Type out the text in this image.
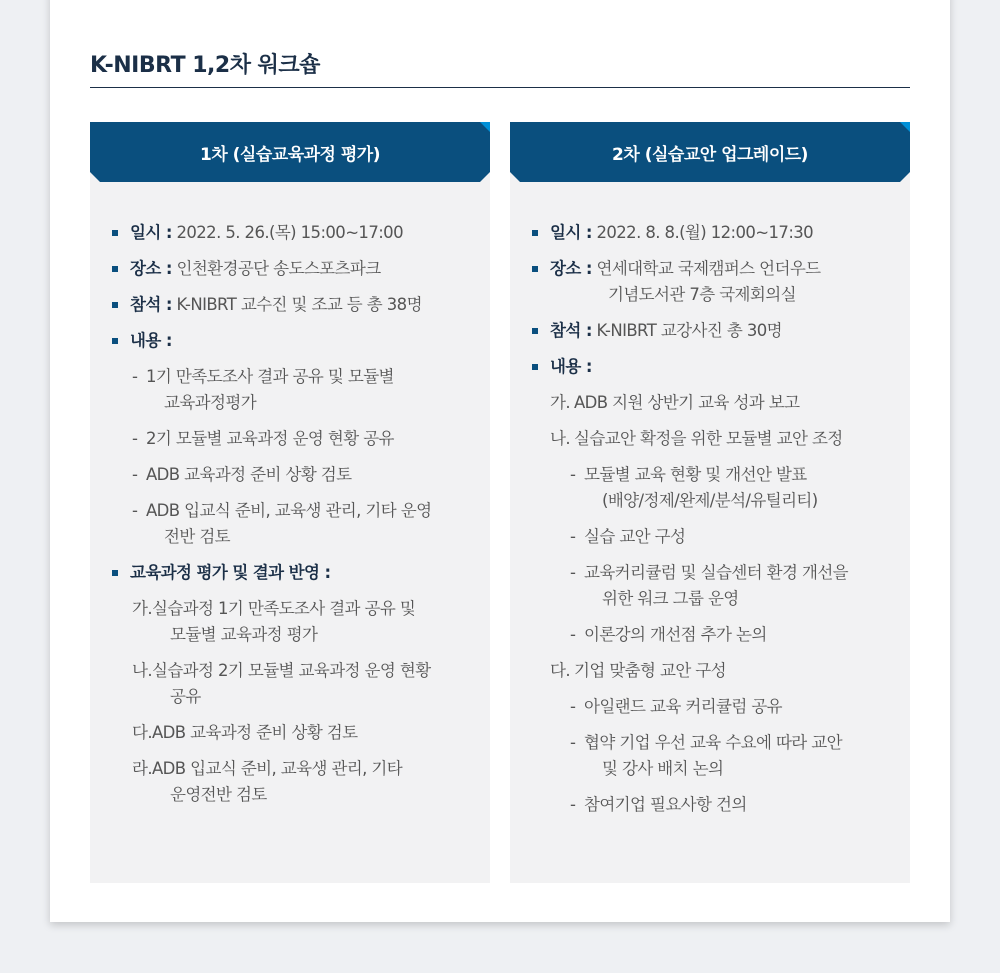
K-NIBRT 1,2차 워크숍
1차 (실습교육과정 평가)
일시 : 2022. 5. 26.(목) 15:00~17:00
장소 : 인천환경공단 송도스포츠파크
참석 : K-NIBRT 교수진 및 조교 등 총 38명
내용 :
- 1기 만족도조사 결과 공유 및 모듈별

교육과정평가
- 2기 모듈별 교육과정 운영 현황 공유
- ADB 교육과정 준비 상황 검토
- ADB 입교식 준비, 교육생 관리, 기타 운영

전반 검토
교육과정 평가 및 결과 반영 :
가. 실습과정 1기 만족도조사 결과 공유 및

모듈별 교육과정 평가
나. 실습과정 2기 모듈별 교육과정 운영 현황

공유
다. ADB 교육과정 준비 상황 검토
라. ADB 입교식 준비, 교육생 관리, 기타

운영전반 검토
2차 (실습교안 업그레이드)
일시 : 2022. 8. 8.(월) 12:00~17:30
장소 : 연세대학교 국제캠퍼스 언더우드
기념도서관 7층 국제회의실
참석 : K-NIBRT 교강사진 총 30명
내용 :
가. ADB 지원 상반기 교육 성과 보고
나. 실습교안 확정을 위한 모듈별 교안 조정
- 모듈별 교육 현황 및 개선안 발표

(배양/정제/완제/분석/유틸리티)
- 실습 교안 구성
- 교육커리큘럼 및 실습센터 환경 개선을

위한 워크 그룹 운영
- 이론강의 개선점 추가 논의
다. 기업 맞춤형 교안 구성
- 아일랜드 교육 커리큘럼 공유
- 협약 기업 우선 교육 수요에 따라 교안

및 강사 배치 논의
- 참여기업 필요사항 건의
